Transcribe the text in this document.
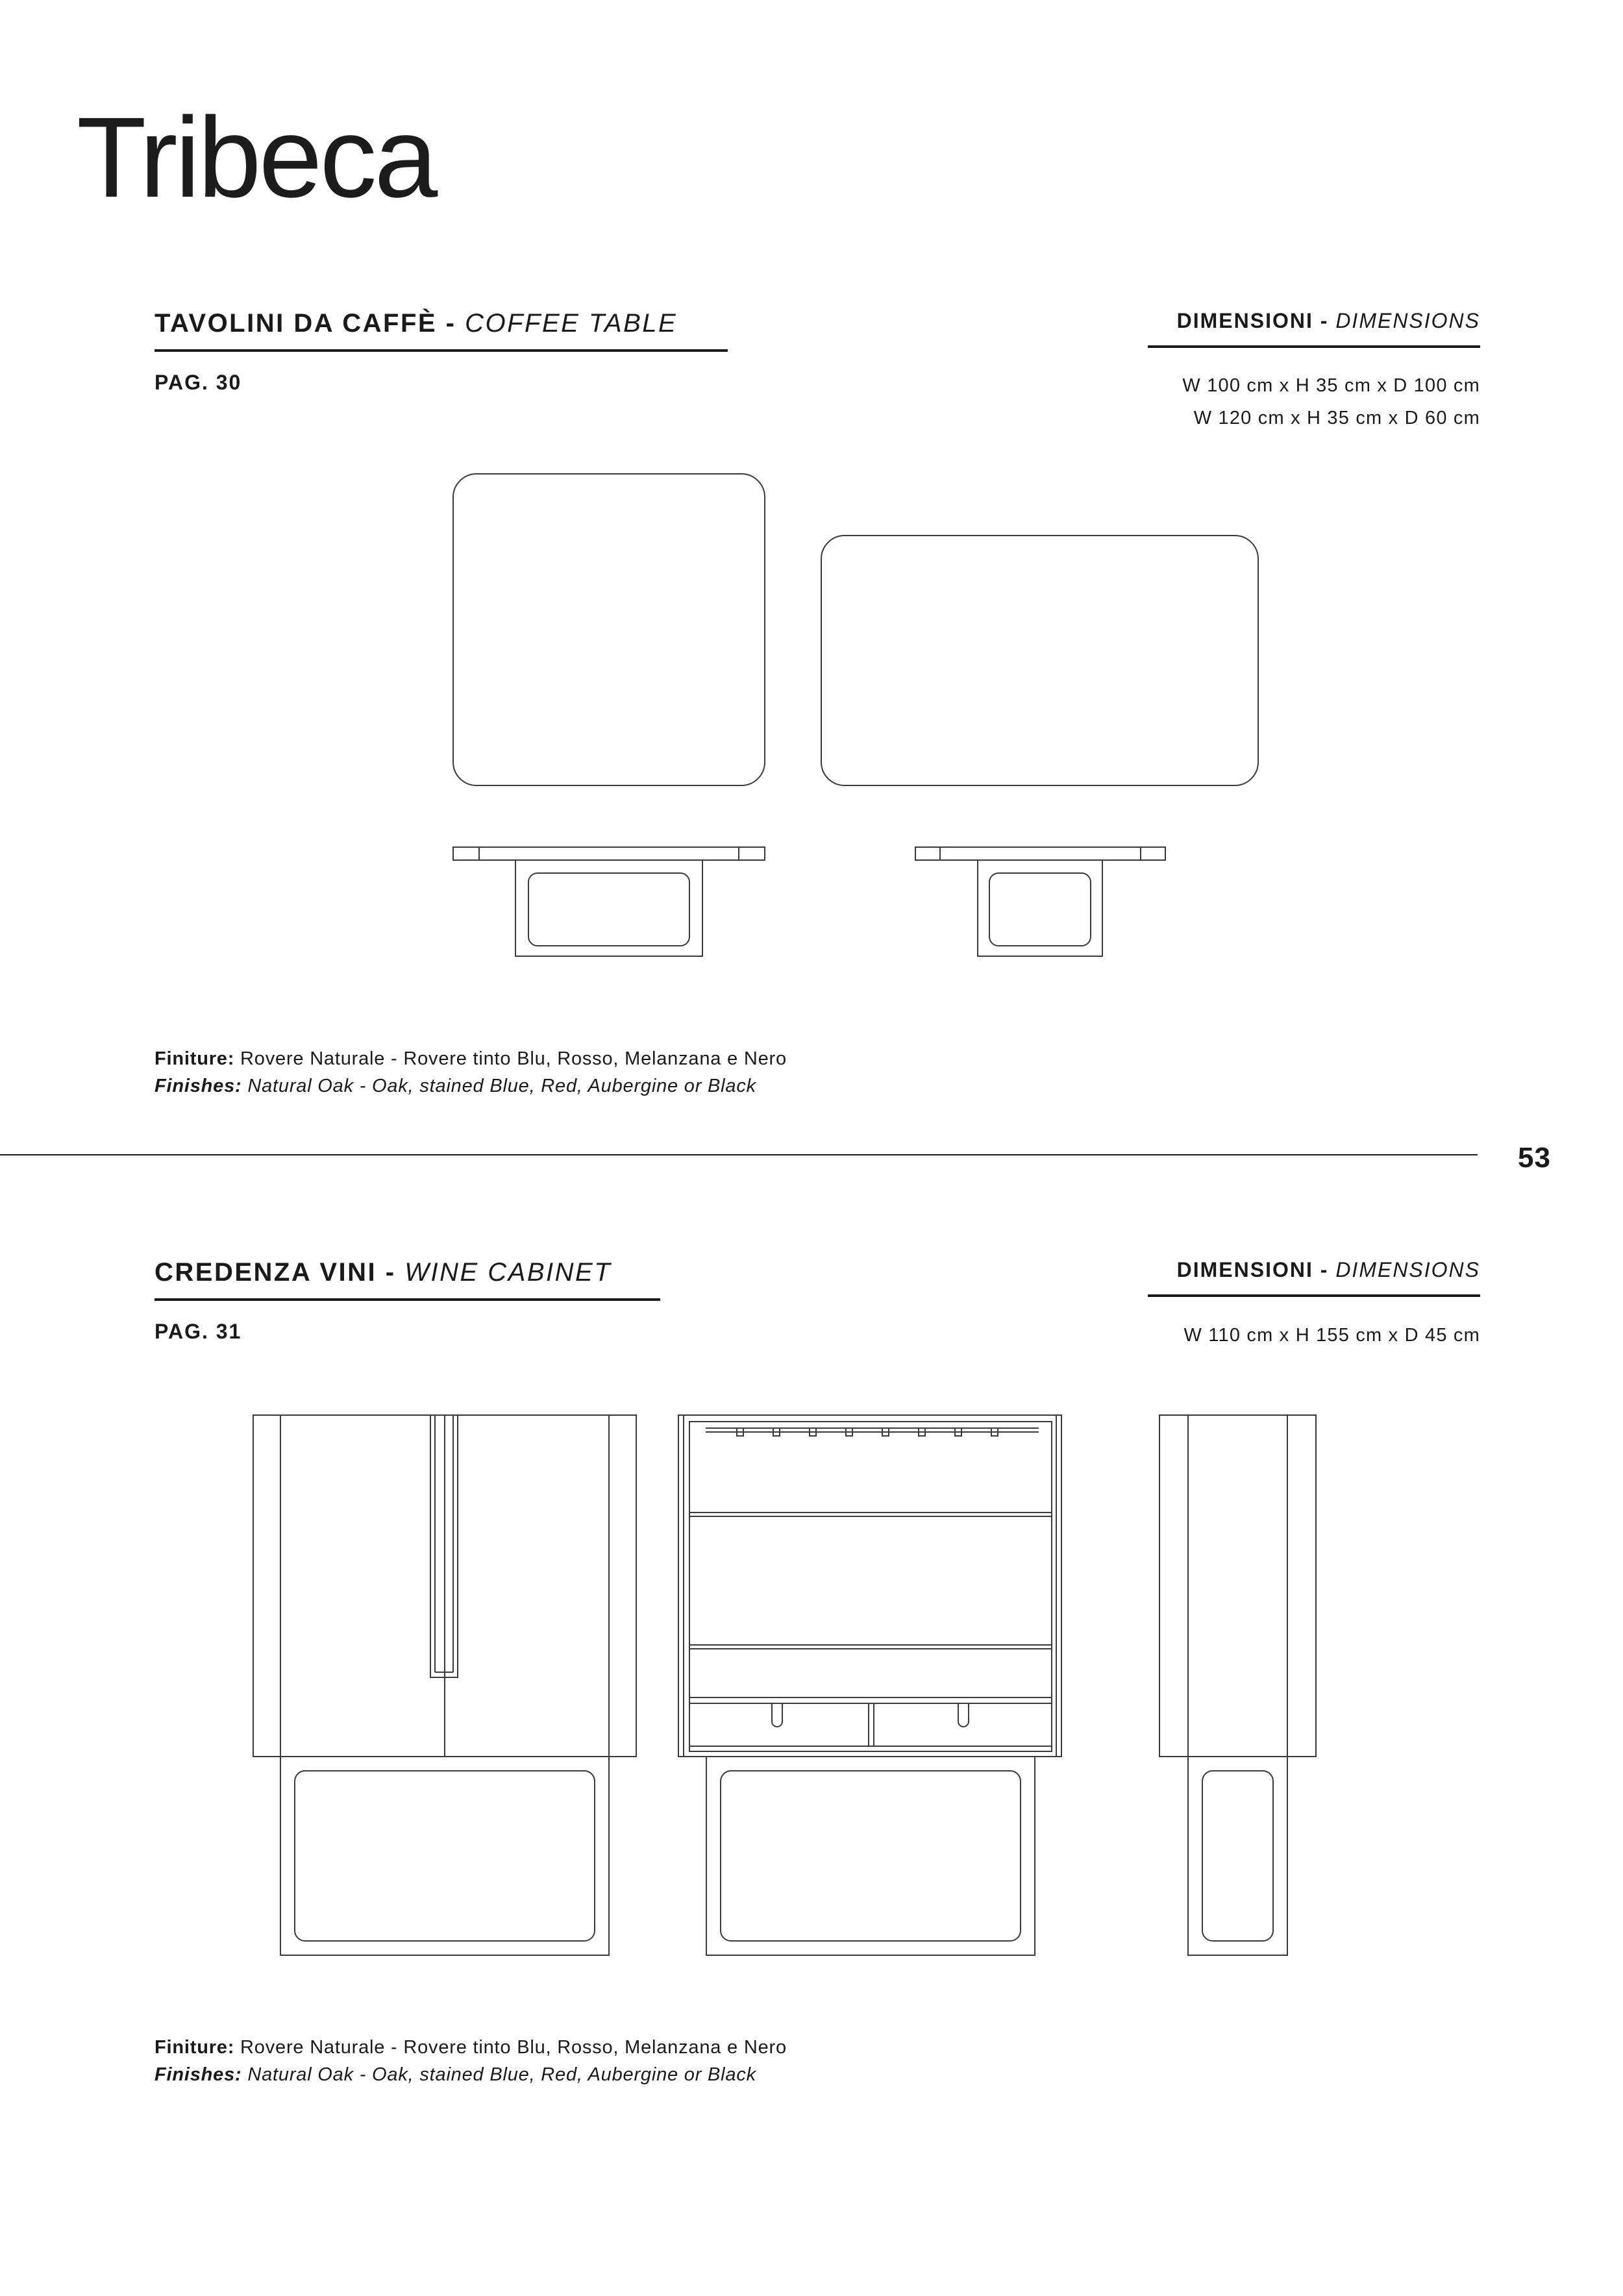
Tribeca
TAVOLINI DA CAFFÈ - COFFEE TABLE
PAG. 30
DIMENSIONI - DIMENSIONS
W 100 cm x H 35 cm x D 100 cm
W 120 cm x H 35 cm x D 60 cm
Finiture: Rovere Naturale - Rovere tinto Blu, Rosso, Melanzana e Nero
Finishes: Natural Oak - Oak, stained Blue, Red, Aubergine or Black
53
CREDENZA VINI - WINE CABINET
PAG. 31
DIMENSIONI - DIMENSIONS
W 110 cm x H 155 cm x D 45 cm
Finiture: Rovere Naturale - Rovere tinto Blu, Rosso, Melanzana e Nero
Finishes: Natural Oak - Oak, stained Blue, Red, Aubergine or Black
